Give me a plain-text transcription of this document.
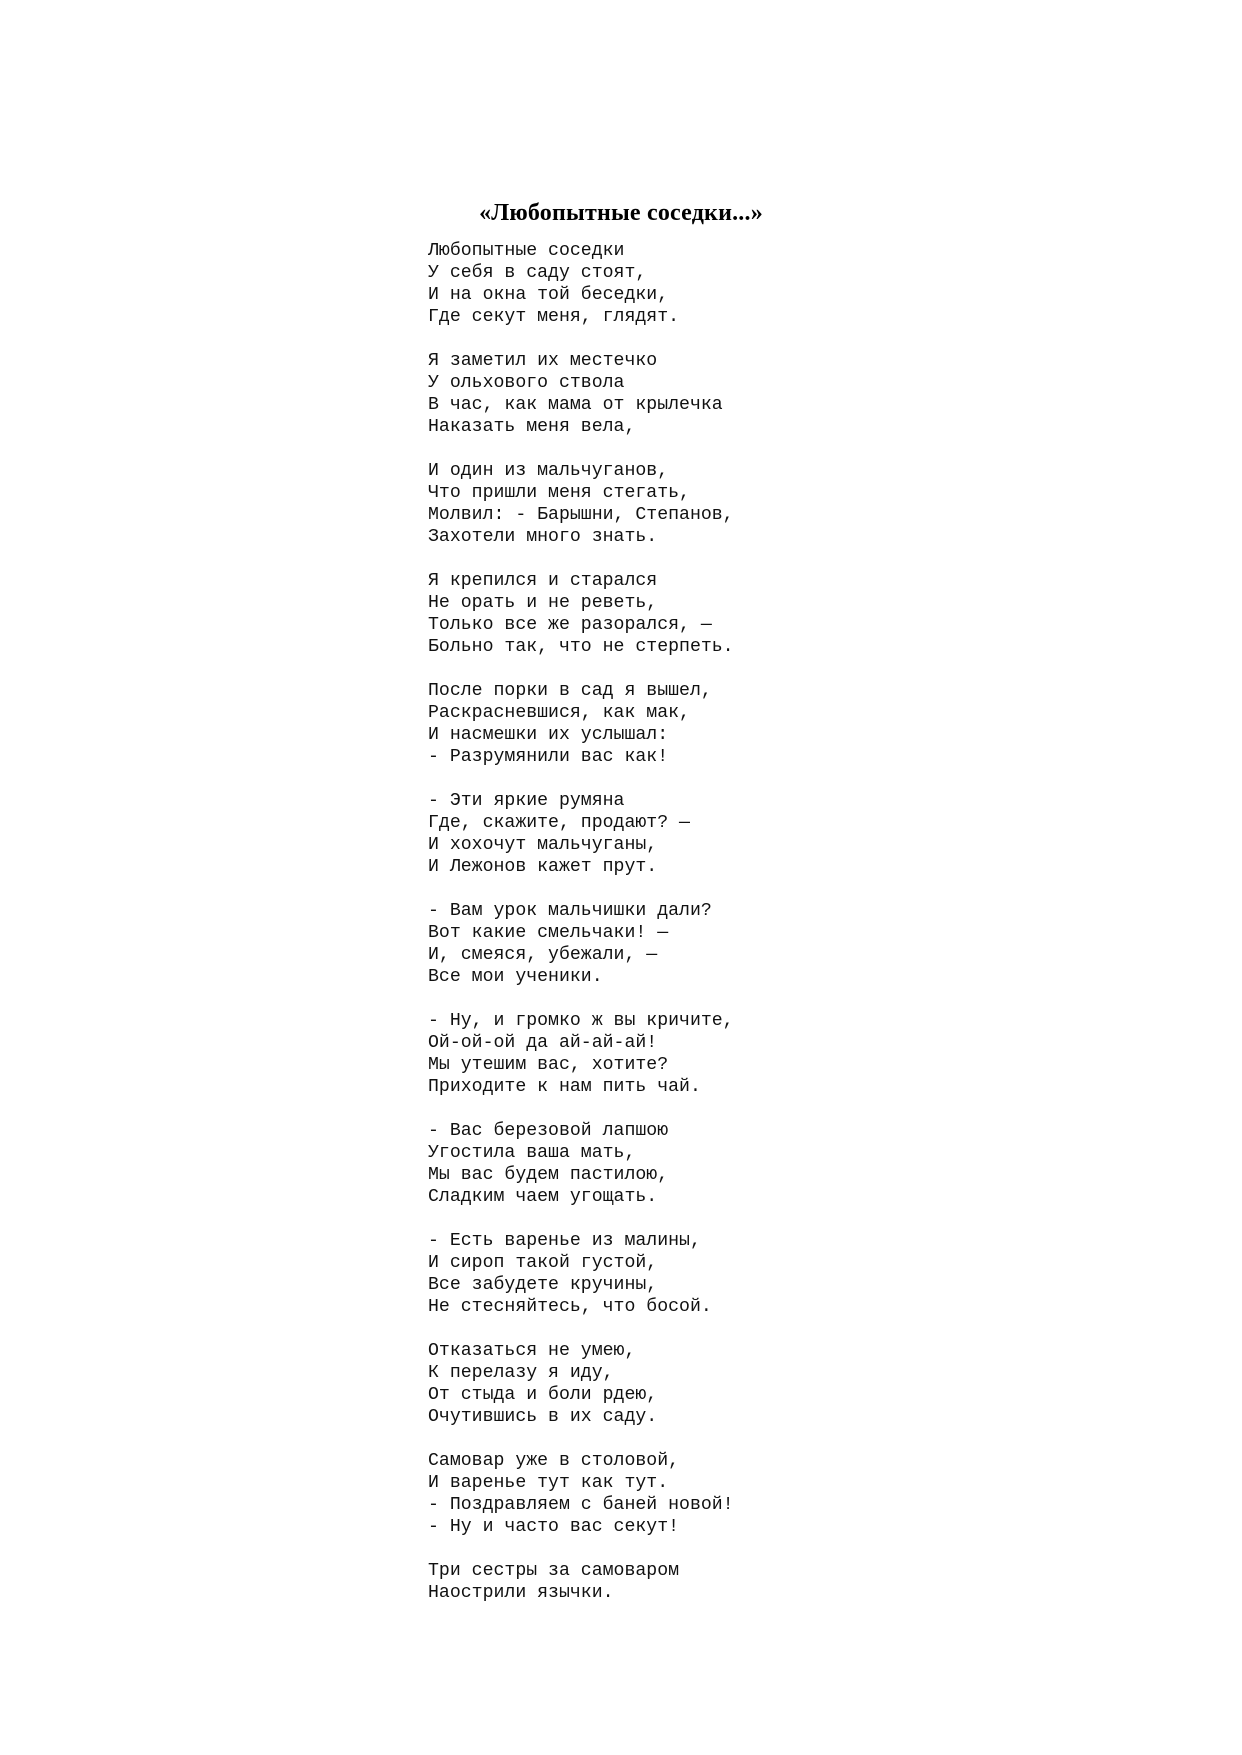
«Любопытные соседки...»
Любопытные соседки
У себя в саду стоят,
И на окна той беседки,
Где секут меня, глядят.
Я заметил их местечко
У ольхового ствола
В час, как мама от крылечка
Наказать меня вела,
И один из мальчуганов,
Что пришли меня стегать,
Молвил: - Барышни, Степанов,
Захотели много знать.
Я крепился и старался
Не орать и не реветь,
Только все же разорался, —
Больно так, что не стерпеть.
После порки в сад я вышел,
Раскрасневшися, как мак,
И насмешки их услышал:
- Разрумянили вас как!
- Эти яркие румяна
Где, скажите, продают? —
И хохочут мальчуганы,
И Лежонов кажет прут.
- Вам урок мальчишки дали?
Вот какие смельчаки! —
И, смеяся, убежали, —
Все мои ученики.
- Ну, и громко ж вы кричите,
Ой-ой-ой да ай-ай-ай!
Мы утешим вас, хотите?
Приходите к нам пить чай.
- Вас березовой лапшою
Угостила ваша мать,
Мы вас будем пастилою,
Сладким чаем угощать.
- Есть варенье из малины,
И сироп такой густой,
Все забудете кручины,
Не стесняйтесь, что босой.
Отказаться не умею,
К перелазу я иду,
От стыда и боли рдею,
Очутившись в их саду.
Самовар уже в столовой,
И варенье тут как тут.
- Поздравляем с баней новой!
- Ну и часто вас секут!
Три сестры за самоваром
Наострили язычки.
